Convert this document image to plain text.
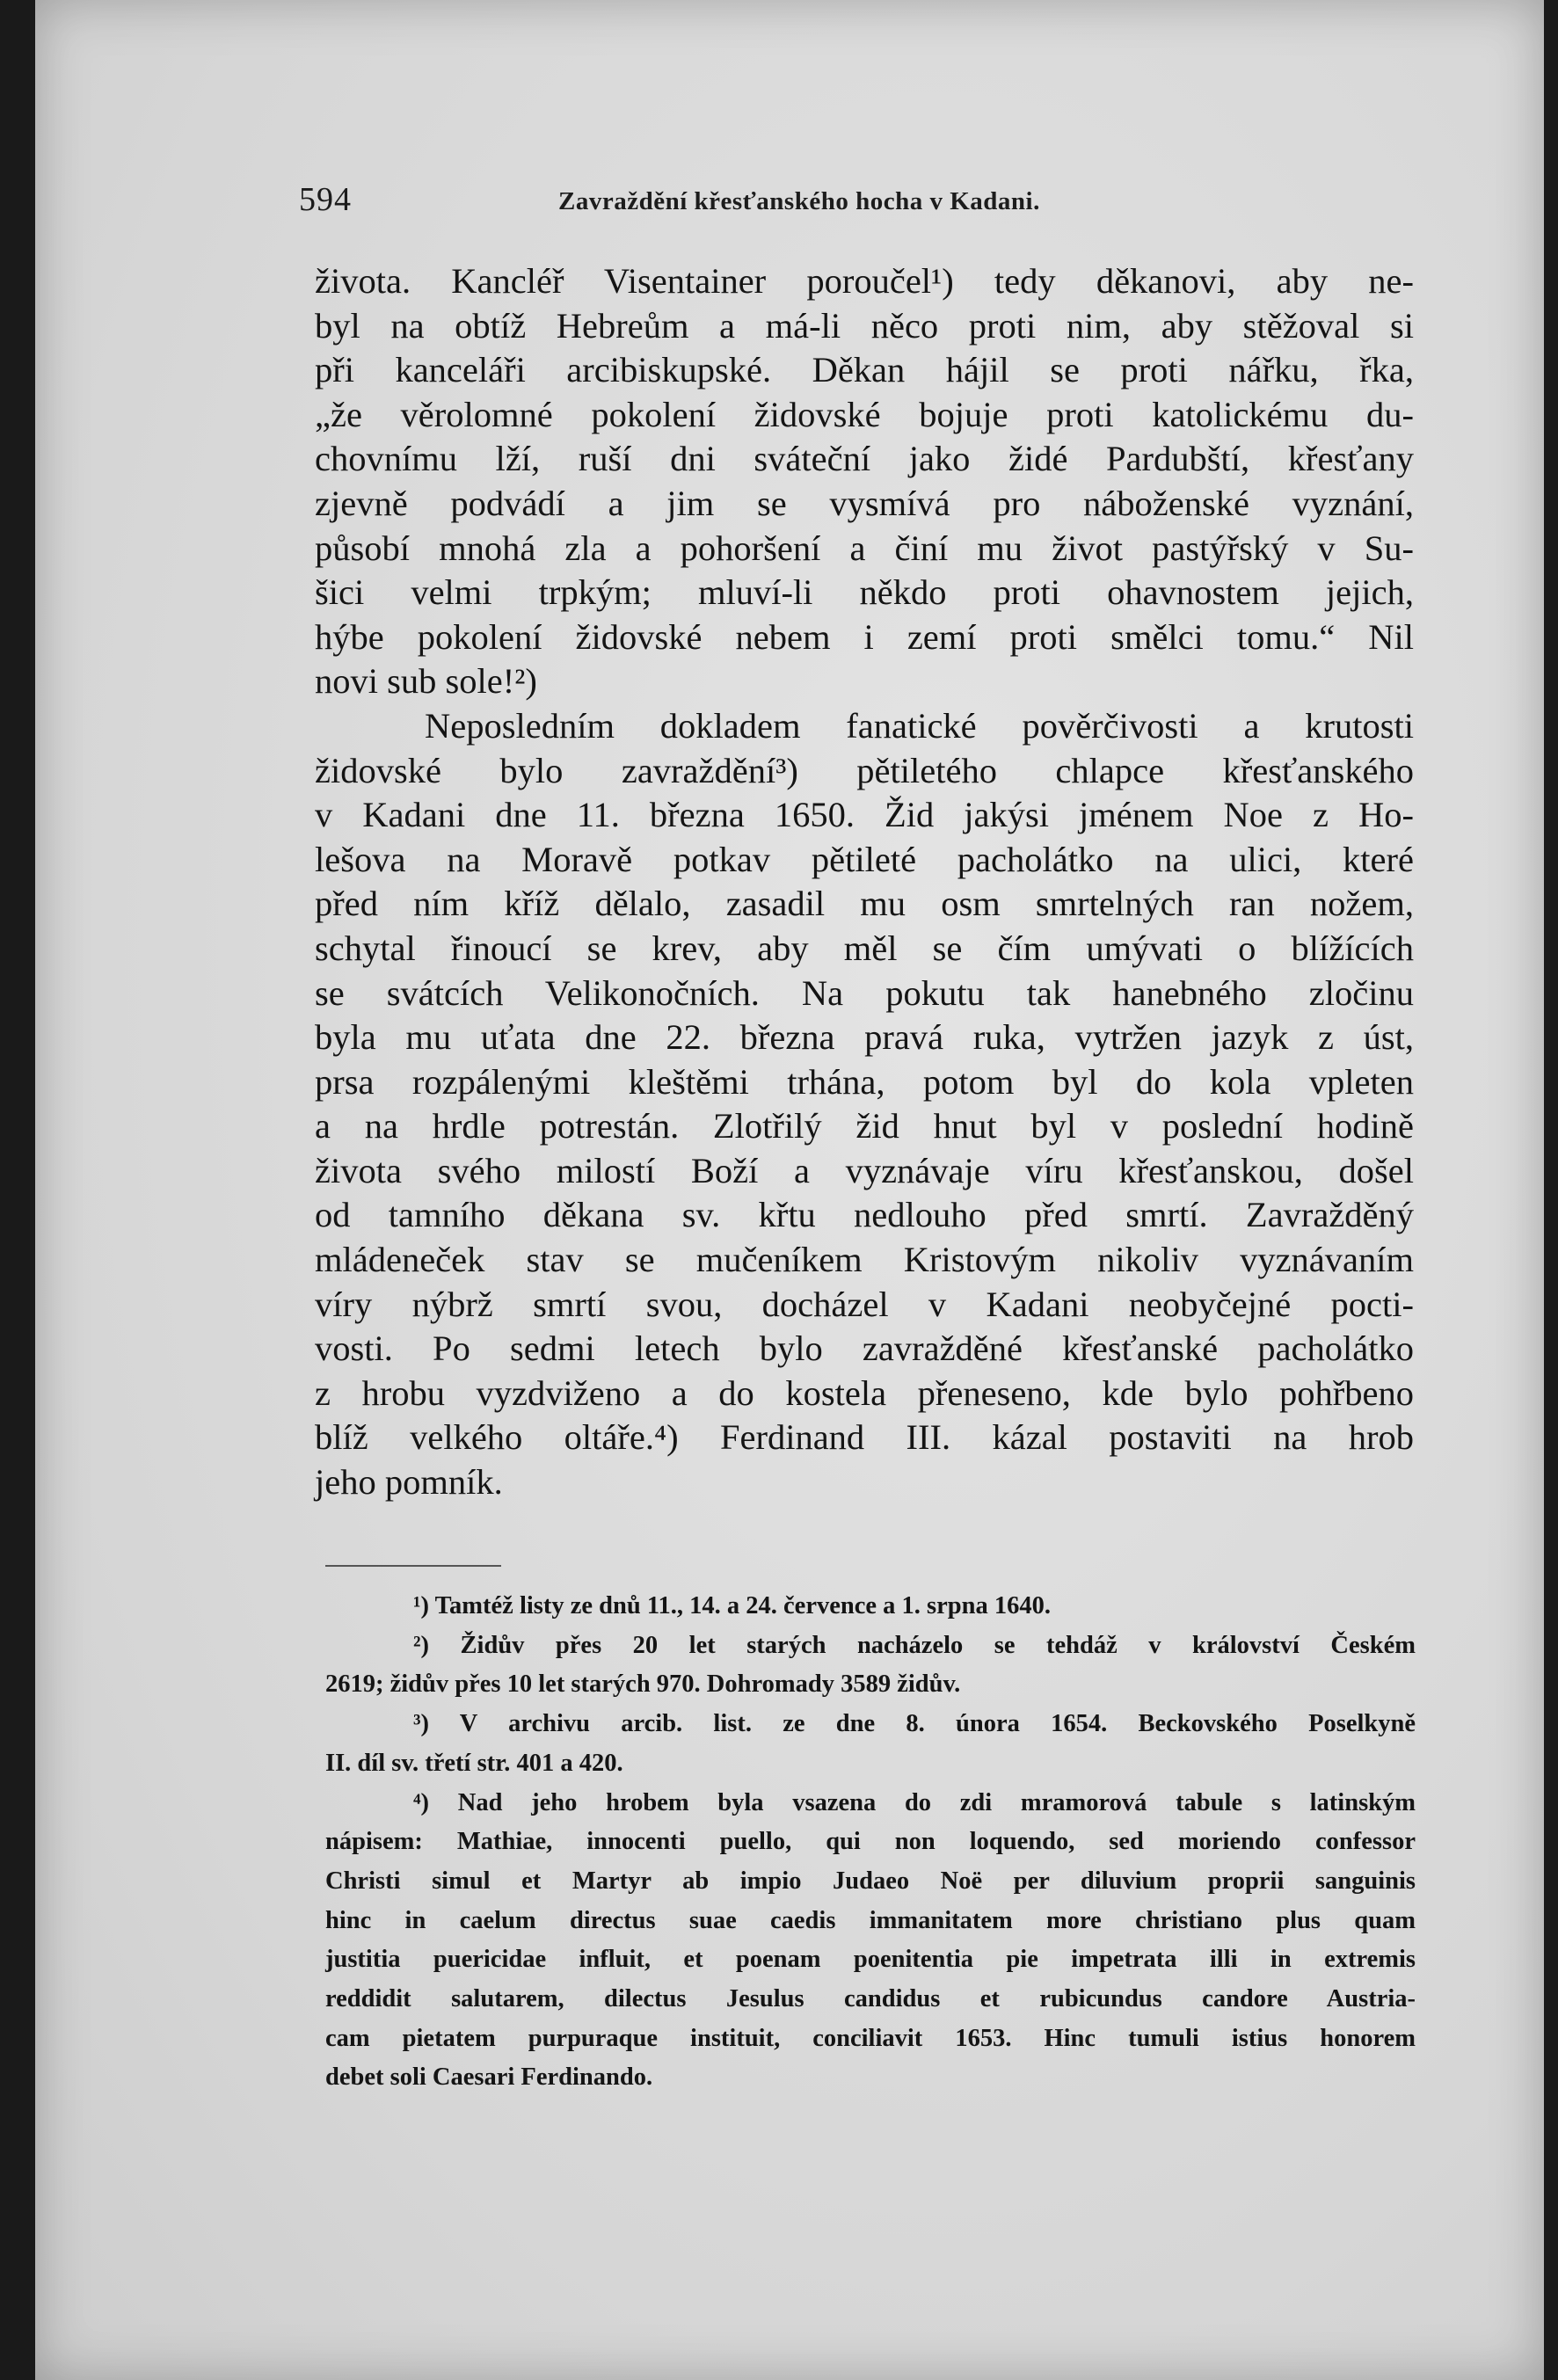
594	Zavraždění křesťanského hocha v Kadani.

života. Kancléř Visentainer poroučel¹) tedy děkanovi, aby ne-
byl na obtíž Hebreům a má-li něco proti nim, aby stěžoval si
při kanceláři arcibiskupské. Děkan hájil se proti nářku, řka,
„že věrolomné pokolení židovské bojuje proti katolickému du-
chovnímu lží, ruší dni sváteční jako židé Pardubští, křesťany
zjevně podvádí a jim se vysmívá pro náboženské vyznání,
působí mnohá zla a pohoršení a činí mu život pastýřský v Su-
šici velmi trpkým; mluví-li někdo proti ohavnostem jejich,
hýbe pokolení židovské nebem i zemí proti smělci tomu.“ Nil
novi sub sole!²)

Neposledním dokladem fanatické pověrčivosti a krutosti
židovské bylo zavraždění³) pětiletého chlapce křesťanského
v Kadani dne 11. března 1650. Žid jakýsi jménem Noe z Ho-
lešova na Moravě potkav pětileté pacholátko na ulici, které
před ním kříž dělalo, zasadil mu osm smrtelných ran nožem,
schytal řinoucí se krev, aby měl se čím umývati o blížících
se svátcích Velikonočních. Na pokutu tak hanebného zločinu
byla mu uťata dne 22. března pravá ruka, vytržen jazyk z úst,
prsa rozpálenými kleštěmi trhána, potom byl do kola vpleten
a na hrdle potrestán. Zlotřilý žid hnut byl v poslední hodině
života svého milostí Boží a vyznávaje víru křesťanskou, došel
od tamního děkana sv. křtu nedlouho před smrtí. Zavražděný
mládeneček stav se mučeníkem Kristovým nikoliv vyznávaním
víry nýbrž smrtí svou, docházel v Kadani neobyčejné pocti-
vosti. Po sedmi letech bylo zavražděné křesťanské pacholátko
z hrobu vyzdviženo a do kostela přeneseno, kde bylo pohřbeno
blíž velkého oltáře.⁴) Ferdinand III. kázal postaviti na hrob
jeho pomník.

¹) Tamtéž listy ze dnů 11., 14. a 24. července a 1. srpna 1640.
²) Židův přes 20 let starých nacházelo se tehdáž v království Českém
2619; židův přes 10 let starých 970. Dohromady 3589 židův.
³) V archivu arcib. list. ze dne 8. února 1654. Beckovského Poselkyně
II. díl sv. třetí str. 401 a 420.
⁴) Nad jeho hrobem byla vsazena do zdi mramorová tabule s latinským
nápisem: Mathiae, innocenti puello, qui non loquendo, sed moriendo confessor
Christi simul et Martyr ab impio Judaeo Noë per diluvium proprii sanguinis
hinc in caelum directus suae caedis immanitatem more christiano plus quam
justitia puericidae influit, et poenam poenitentia pie impetrata illi in extremis
reddidit salutarem, dilectus Jesulus candidus et rubicundus candore Austria-
cam pietatem purpuraque instituit, conciliavit 1653. Hinc tumuli istius honorem
debet soli Caesari Ferdinando.
